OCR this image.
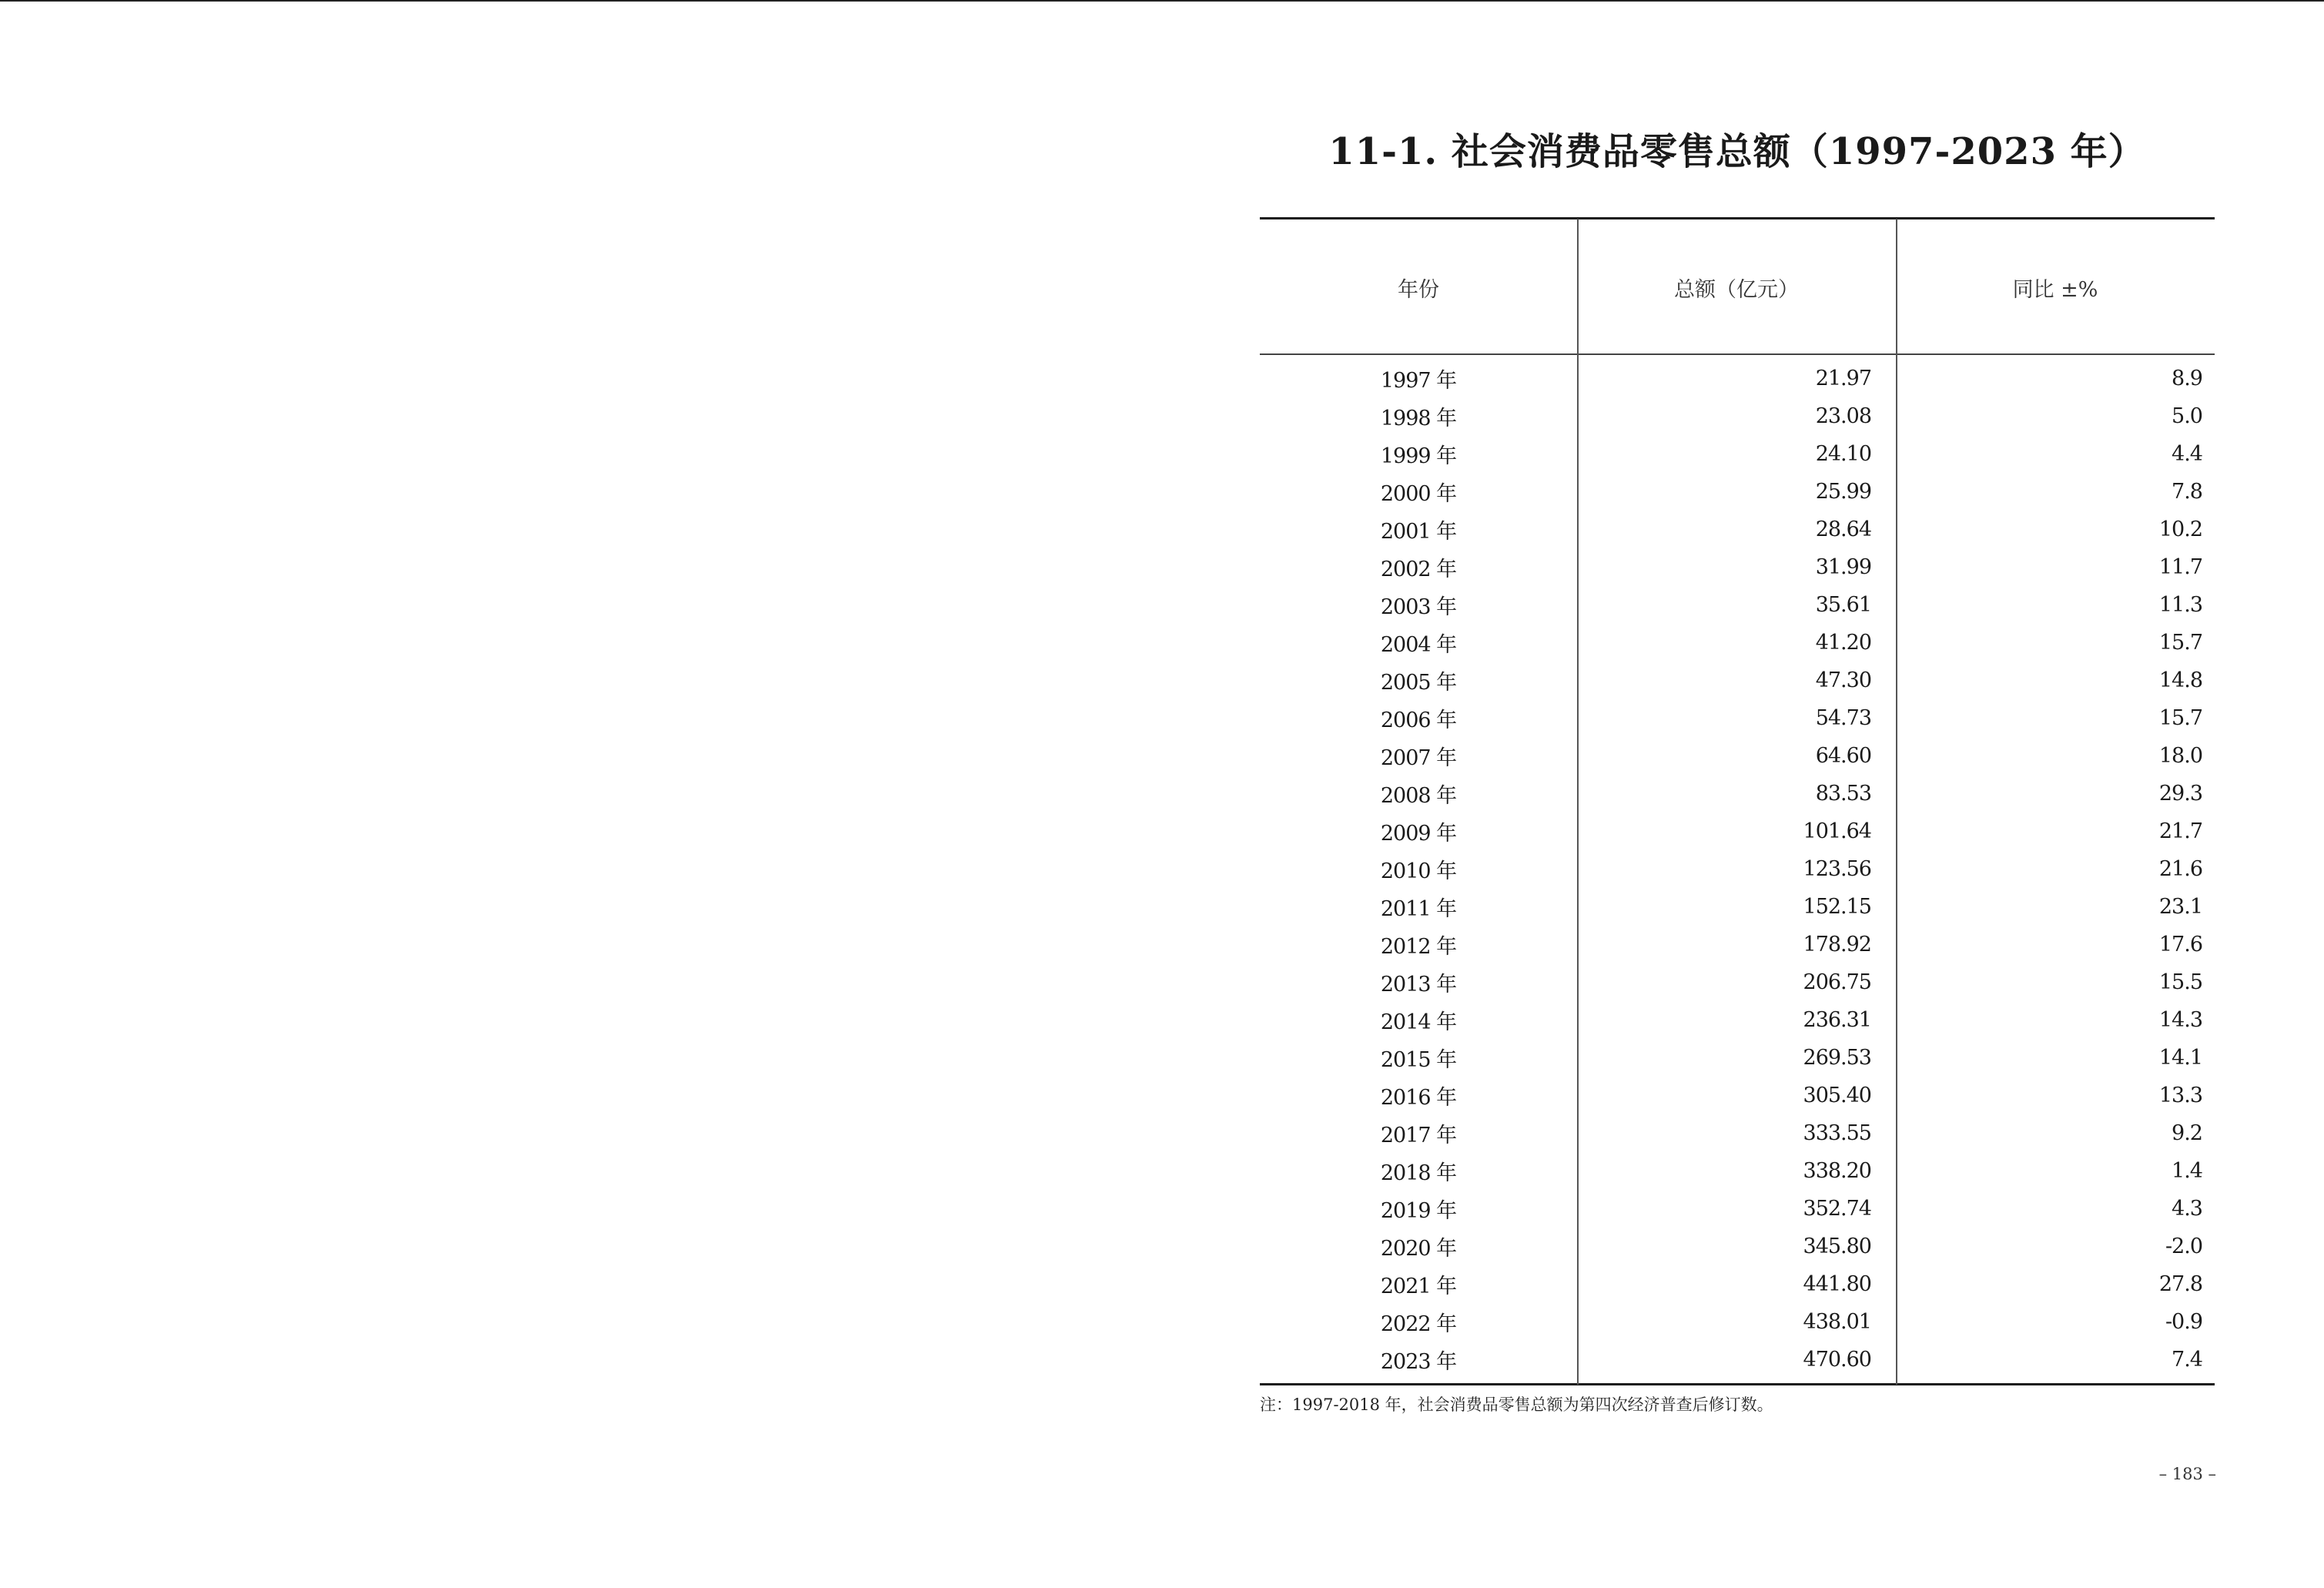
11-1. 社会消费品零售总额（1997-2023 年）
年份	总额（亿元）	同比 ±%
1997 年	21.97	8.9
1998 年	23.08	5.0
1999 年	24.10	4.4
2000 年	25.99	7.8
2001 年	28.64	10.2
2002 年	31.99	11.7
2003 年	35.61	11.3
2004 年	41.20	15.7
2005 年	47.30	14.8
2006 年	54.73	15.7
2007 年	64.60	18.0
2008 年	83.53	29.3
2009 年	101.64	21.7
2010 年	123.56	21.6
2011 年	152.15	23.1
2012 年	178.92	17.6
2013 年	206.75	15.5
2014 年	236.31	14.3
2015 年	269.53	14.1
2016 年	305.40	13.3
2017 年	333.55	9.2
2018 年	338.20	1.4
2019 年	352.74	4.3
2020 年	345.80	-2.0
2021 年	441.80	27.8
2022 年	438.01	-0.9
2023 年	470.60	7.4
注：1997-2018 年，社会消费品零售总额为第四次经济普查后修订数。
– 183 –
